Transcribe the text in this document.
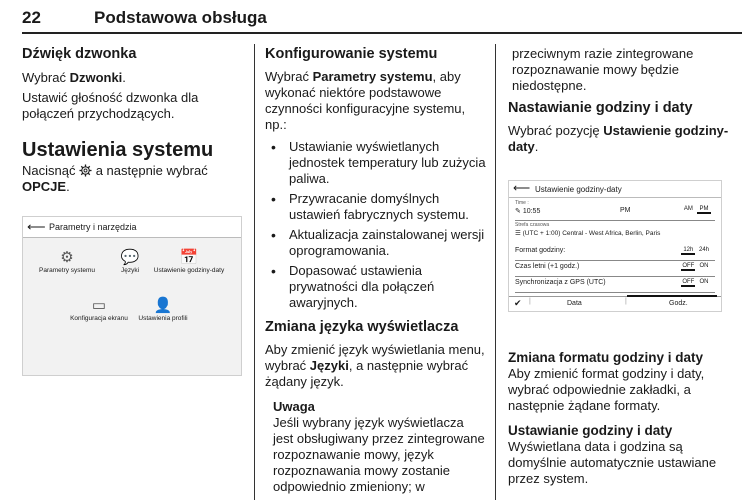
22	Podstawowa obsługa
Dźwięk dzwonka

Wybrać Dzwonki.

Ustawić głośność dzwonka dla połączeń przychodzących.

Ustawienia systemu

Nacisnąć  a następnie wybrać
OPCJE.

⟵ Parametry i narzędzia
⚙
Parametry systemu
💬
Języki
📅
Ustawienie godziny-daty
▭
Konfiguracja ekranu
👤
Ustawienia profili
Konfigurowanie systemu

Wybrać Parametry systemu, aby wykonać niektóre podstawowe czynności konfiguracyjne systemu, np.:

• Ustawianie wyświetlanych jednostek temperatury lub zużycia paliwa.
• Przywracanie domyślnych ustawień fabrycznych systemu.
• Aktualizacja zainstalowanej wersji oprogramowania.
• Dopasować ustawienia prywatności dla połączeń awaryjnych.
Zmiana języka wyświetlacza

Aby zmienić język wyświetlania menu, wybrać Języki, a następnie wybrać żądany język.

Uwaga

Jeśli wybrany język wyświetlacza jest obsługiwany przez zintegrowane rozpoznawanie mowy, język rozpoznawania mowy zostanie odpowiednio zmieniony; w

przeciwnym razie zintegrowane rozpoznawanie mowy będzie niedostępne.

Nastawianie godziny i daty

Wybrać pozycję Ustawienie godziny-daty.

⟵ Ustawienie godziny-daty
Time :
✎ 10:55	PM	AM PM
Strefa czasowa
☰ (UTC + 1:00) Central - West Africa, Berlin, Paris
Format godziny:	12h 24h
Czas letni (+1 godz.)	OFF ON
Synchronizacja z GPS (UTC)	OFF ON
✔ |	Data	|	Godz.
Zmiana formatu godziny i daty

Aby zmienić format godziny i daty, wybrać odpowiednie zakładki, a następnie żądane formaty.

Ustawianie godziny i daty

Wyświetlana data i godzina są domyślnie automatycznie ustawiane przez system.
